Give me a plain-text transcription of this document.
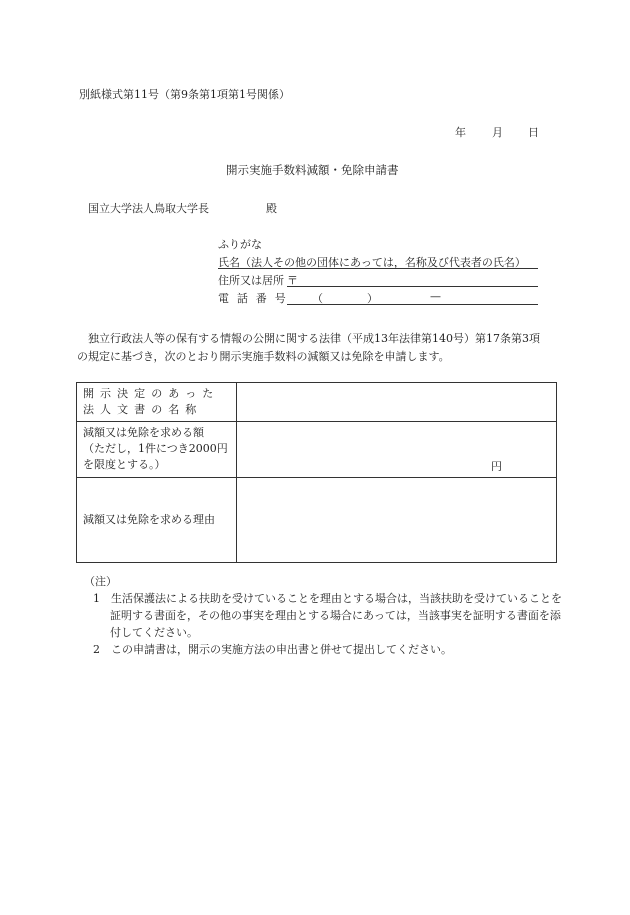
別紙様式第11号（第9条第1項第1号関係）
年 月 日
開示実施手数料減額・免除申請書
国立大学法人鳥取大学長	殿
ふりがな
氏名（法人その他の団体にあっては，名称及び代表者の氏名）
住所又は居所 〒
電 話 番 号 （	）	—
独立行政法人等の保有する情報の公開に関する法律（平成13年法律第140号）第17条第3項
の規定に基づき，次のとおり開示実施手数料の減額又は免除を申請します。
開示決定のあった
法人文書の名称	

減額又は免除を求める額
（ただし，1件につき2000円
を限度とする。）	円

減額又は免除を求める理由	
（注）
1　生活保護法による扶助を受けていることを理由とする場合は，当該扶助を受けていることを証明する書面を，その他の事実を理由とする場合にあっては，当該事実を証明する書面を添付してください。
2　この申請書は，開示の実施方法の申出書と併せて提出してください。
